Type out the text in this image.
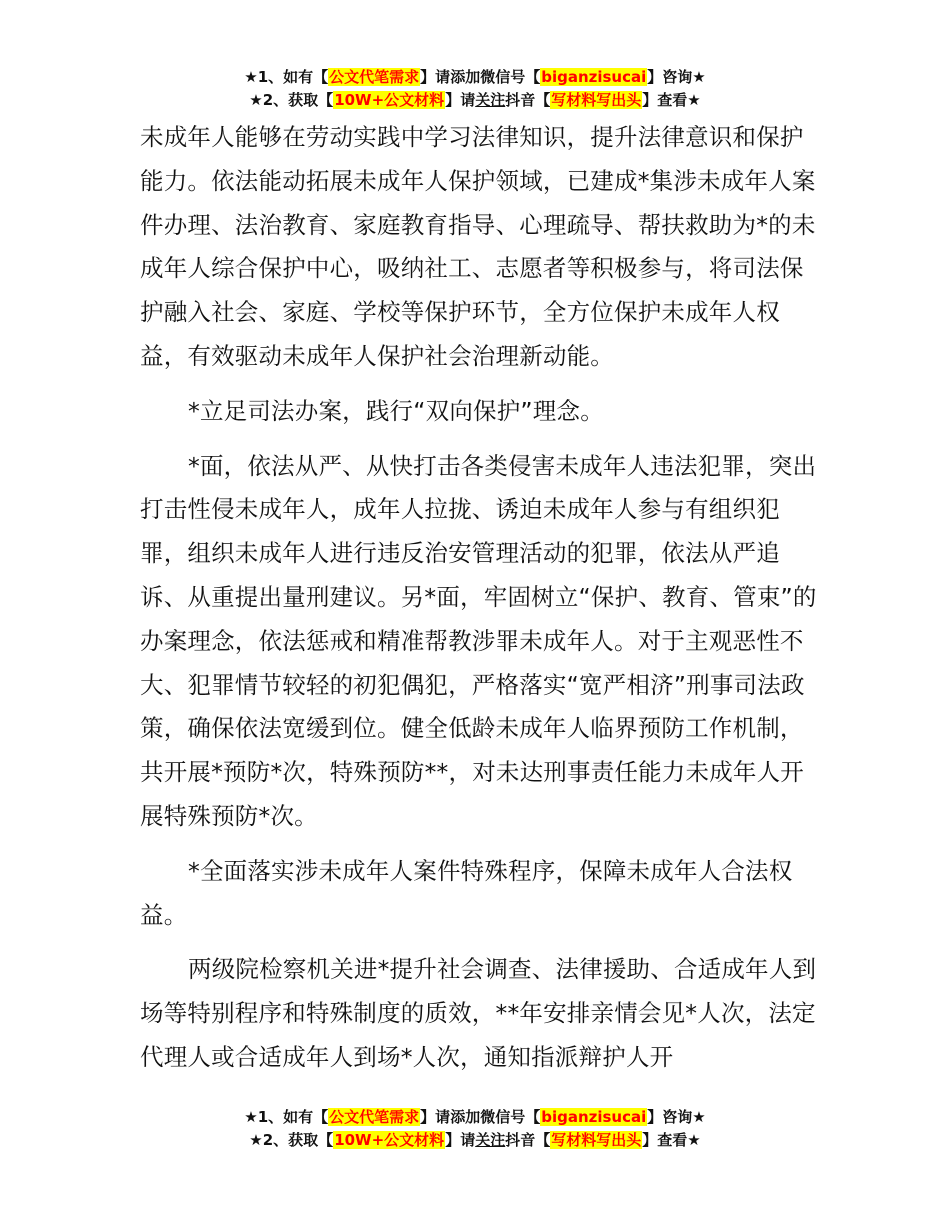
★1、如有【公文代笔需求】请添加微信号【biganzisucai】咨询★
★2、获取【10W+公文材料】请关注抖音【写材料写出头】查看★

未成年人能够在劳动实践中学习法律知识，提升法律意识和保护能力。依法能动拓展未成年人保护领域，已建成*集涉未成年人案件办理、法治教育、家庭教育指导、心理疏导、帮扶救助为*的未成年人综合保护中心，吸纳社工、志愿者等积极参与，将司法保护融入社会、家庭、学校等保护环节，全方位保护未成年人权益，有效驱动未成年人保护社会治理新动能。

*立足司法办案，践行“双向保护”理念。

*面，依法从严、从快打击各类侵害未成年人违法犯罪，突出打击性侵未成年人，成年人拉拢、诱迫未成年人参与有组织犯罪，组织未成年人进行违反治安管理活动的犯罪，依法从严追诉、从重提出量刑建议。另*面，牢固树立“保护、教育、管束”的办案理念，依法惩戒和精准帮教涉罪未成年人。对于主观恶性不大、犯罪情节较轻的初犯偶犯，严格落实“宽严相济”刑事司法政策，确保依法宽缓到位。健全低龄未成年人临界预防工作机制，共开展*预防*次，特殊预防**，对未达刑事责任能力未成年人开展特殊预防*次。

*全面落实涉未成年人案件特殊程序，保障未成年人合法权益。

两级院检察机关进*提升社会调查、法律援助、合适成年人到场等特别程序和特殊制度的质效，**年安排亲情会见*人次，法定代理人或合适成年人到场*人次，通知指派辩护人开

★1、如有【公文代笔需求】请添加微信号【biganzisucai】咨询★
★2、获取【10W+公文材料】请关注抖音【写材料写出头】查看★
